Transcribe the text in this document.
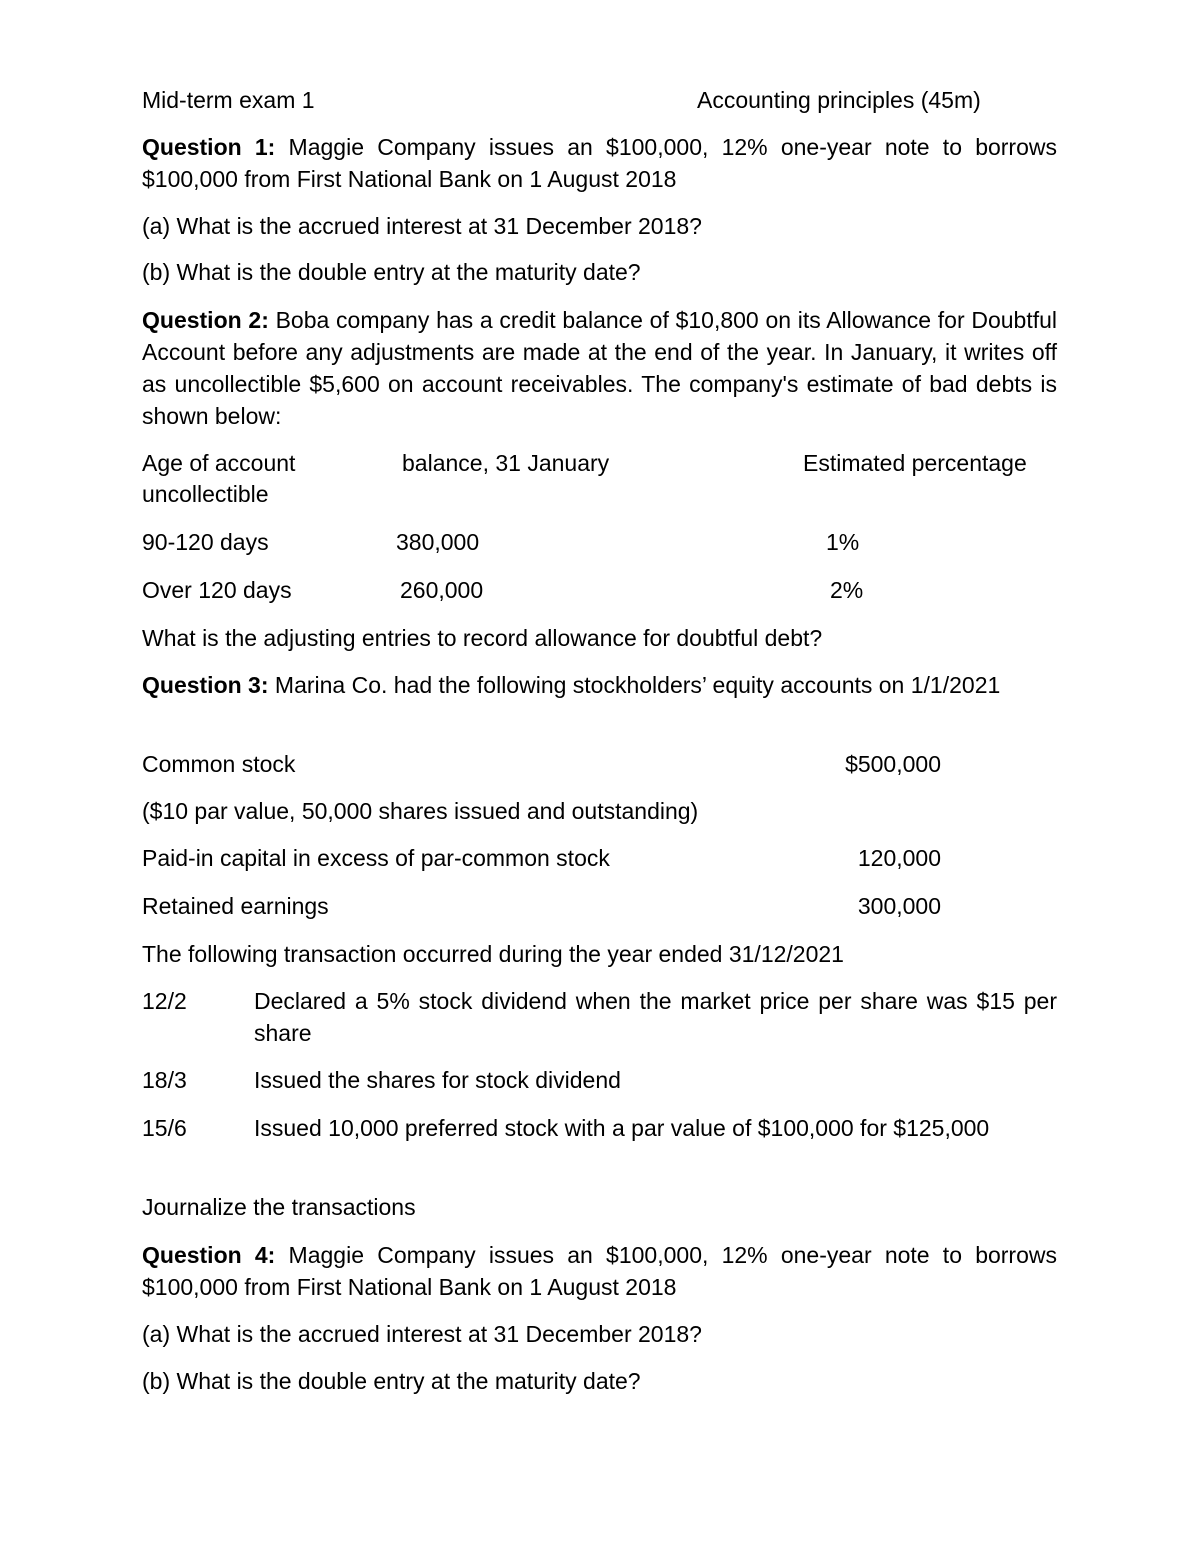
Mid-term exam 1	Accounting principles (45m)
Question 1: Maggie Company issues an $100,000, 12% one-year note to borrows $100,000 from First National Bank on 1 August 2018
(a) What is the accrued interest at 31 December 2018?
(b) What is the double entry at the maturity date?
Question 2: Boba company has a credit balance of $10,800 on its Allowance for Doubtful Account before any adjustments are made at the end of the year. In January, it writes off as uncollectible $5,600 on account receivables. The company's estimate of bad debts is shown below:
Age of account	balance, 31 January	Estimated percentage
uncollectible
90-120 days	380,000	1%
Over 120 days	260,000	2%
What is the adjusting entries to record allowance for doubtful debt?
Question 3: Marina Co. had the following stockholders’ equity accounts on 1/1/2021
Common stock	$500,000
($10 par value, 50,000 shares issued and outstanding)
Paid-in capital in excess of par-common stock	120,000
Retained earnings	300,000
The following transaction occurred during the year ended 31/12/2021
12/2	Declared a 5% stock dividend when the market price per share was $15 per share
18/3	Issued the shares for stock dividend
15/6	Issued 10,000 preferred stock with a par value of $100,000 for $125,000
Journalize the transactions
Question 4: Maggie Company issues an $100,000, 12% one-year note to borrows $100,000 from First National Bank on 1 August 2018
(a) What is the accrued interest at 31 December 2018?
(b) What is the double entry at the maturity date?
